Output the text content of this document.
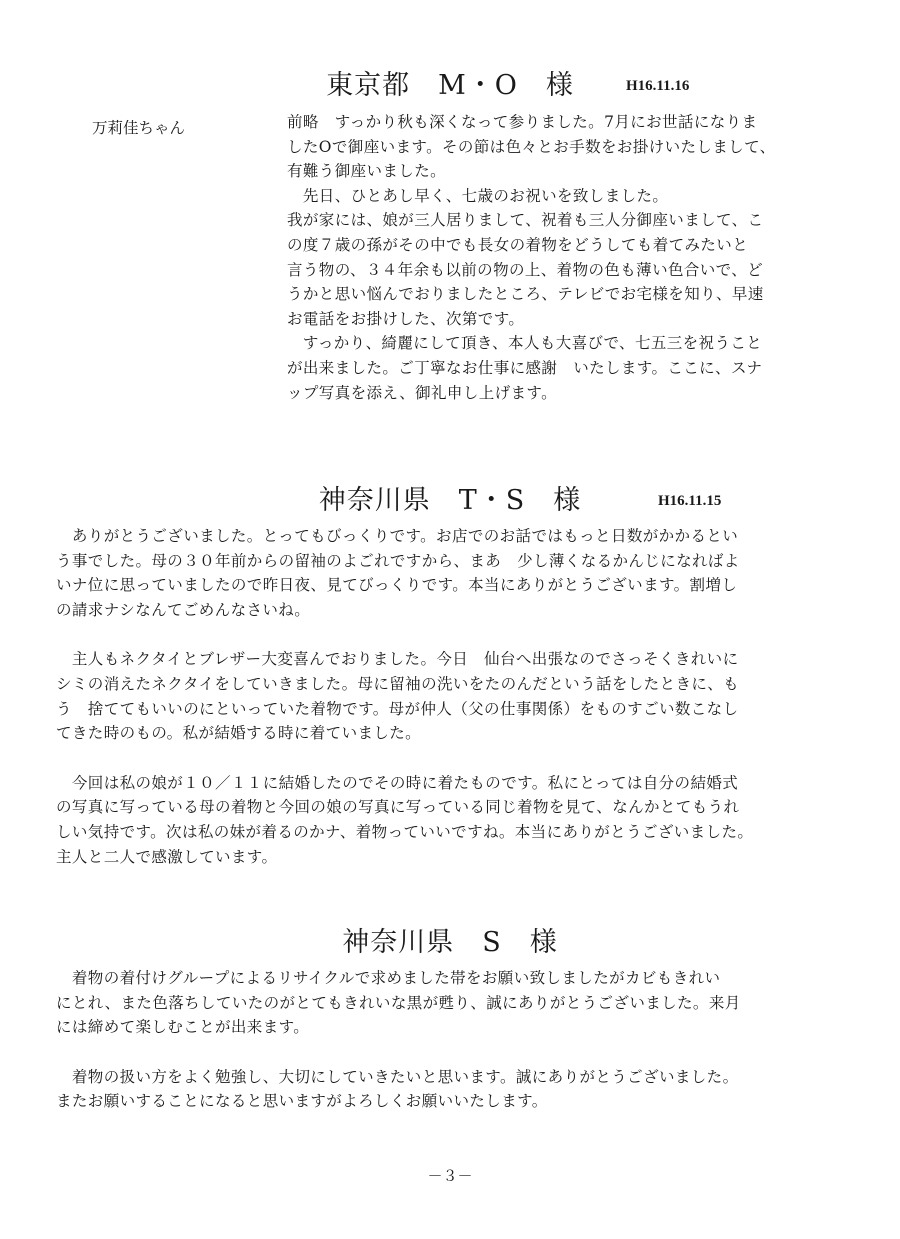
東京都　M・O　様	H16.11.16
万莉佳ちゃん	前略　すっかり秋も深くなって参りました。7月にお世話になりま

したOで御座います。その節は色々とお手数をお掛けいたしまして、

有難う御座いました。

　先日、ひとあし早く、七歳のお祝いを致しました。

我が家には、娘が三人居りまして、祝着も三人分御座いまして、こ

の度７歳の孫がその中でも長女の着物をどうしても着てみたいと

言う物の、３４年余も以前の物の上、着物の色も薄い色合いで、ど

うかと思い悩んでおりましたところ、テレビでお宅様を知り、早速

お電話をお掛けした、次第です。

　すっかり、綺麗にして頂き、本人も大喜びで、七五三を祝うこと

が出来ました。ご丁寧なお仕事に感謝　いたします。ここに、スナ

ップ写真を添え、御礼申し上げます。

神奈川県　T・S　様	H16.11.15

　ありがとうございました。とってもびっくりです。お店でのお話ではもっと日数がかかるとい

う事でした。母の３０年前からの留袖のよごれですから、まあ　少し薄くなるかんじになればよ

いナ位に思っていましたので昨日夜、見てびっくりです。本当にありがとうございます。割増し

の請求ナシなんてごめんなさいね。

　主人もネクタイとブレザー大変喜んでおりました。今日　仙台へ出張なのでさっそくきれいに

シミの消えたネクタイをしていきました。母に留袖の洗いをたのんだという話をしたときに、も

う　捨ててもいいのにといっていた着物です。母が仲人（父の仕事関係）をものすごい数こなし

てきた時のもの。私が結婚する時に着ていました。

　今回は私の娘が１０／１１に結婚したのでその時に着たものです。私にとっては自分の結婚式

の写真に写っている母の着物と今回の娘の写真に写っている同じ着物を見て、なんかとてもうれ

しい気持です。次は私の妹が着るのかナ、着物っていいですね。本当にありがとうございました。

主人と二人で感激しています。

神奈川県　S　様

　着物の着付けグループによるリサイクルで求めました帯をお願い致しましたがカビもきれい

にとれ、また色落ちしていたのがとてもきれいな黒が甦り、誠にありがとうございました。来月

には締めて楽しむことが出来ます。

　着物の扱い方をよく勉強し、大切にしていきたいと思います。誠にありがとうございました。

またお願いすることになると思いますがよろしくお願いいたします。

－３－
